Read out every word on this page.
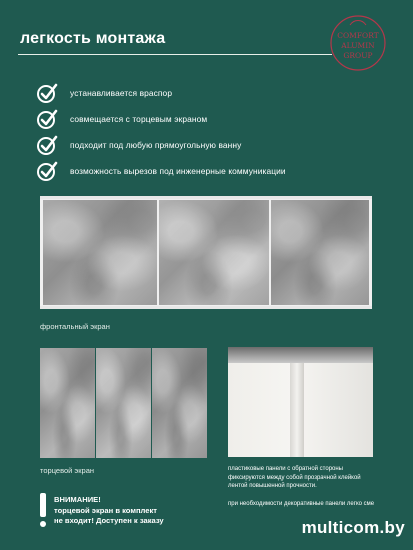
легкость монтажа	COMFORT
ALUMIN
GROUP
устанавливается враспор
совмещается с торцевым экраном
подходит под любую прямоугольную ванну
возможность вырезов под инженерные коммуникации
фронтальный экран
торцевой экран	пластиковые панели с обратной стороны фиксируются между собой прозрачной клейкой лентой повышенной прочности.
при необходимости декоративные панели легко сме
ВНИМАНИЕ!
торцевой экран в комплект
не входит! Доступен к заказу	multicom.by
